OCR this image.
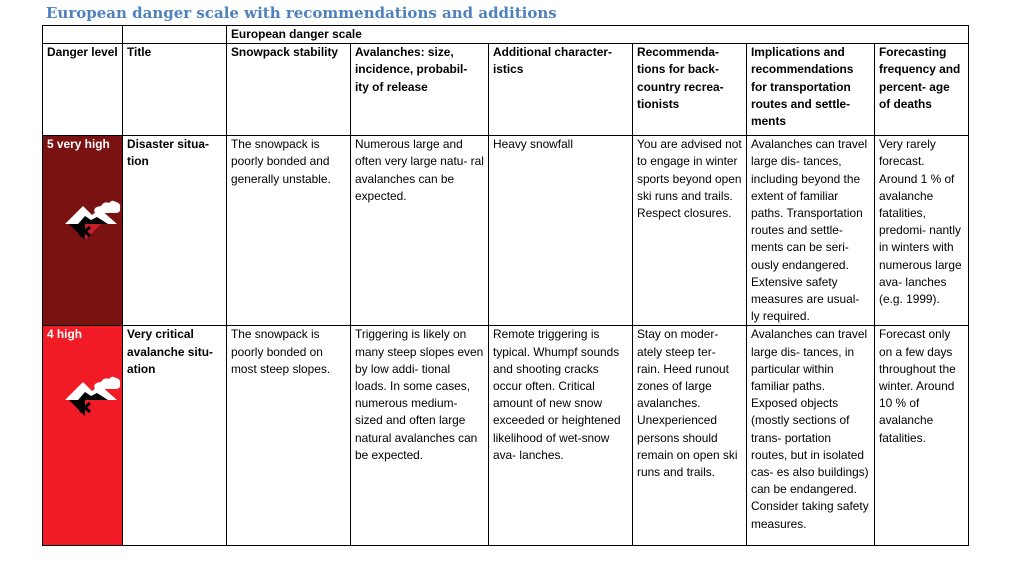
European danger scale with recommendations and additions
		European danger scale					
Danger level	Title	Snowpack stability	Avalanches: size, incidence, probabil- ity of release	Additional character- istics	Recommenda- tions for back- country recrea- tionists	Implications and recommendations for transportation routes and settle- ments	Forecasting frequency and percent- age of deaths
5 very high	Disaster situa- tion	The snowpack is poorly bonded and generally unstable.	Numerous large and often very large natu- ral avalanches can be expected.	Heavy snowfall	You are advised not to engage in winter sports beyond open ski runs and trails. Respect closures.	Avalanches can travel large dis- tances, including beyond the extent of familiar paths. Transportation routes and settle- ments can be seri- ously endangered. Extensive safety measures are usual- ly required.	Very rarely forecast. Around 1 % of avalanche fatalities, predomi- nantly in winters with numerous large ava- lanches (e.g. 1999).
4 high	Very critical avalanche situ- ation	The snowpack is poorly bonded on most steep slopes.	Triggering is likely on many steep slopes even by low addi- tional loads. In some cases, numerous medium-sized and often large natural avalanches can be expected.	Remote triggering is typical. Whumpf sounds and shooting cracks occur often. Critical amount of new snow exceeded or heightened likelihood of wet-snow ava- lanches.	Stay on moder- ately steep ter- rain. Heed runout zones of large avalanches. Unexperienced persons should remain on open ski runs and trails.	Avalanches can travel large dis- tances, in particular within familiar paths. Exposed objects (mostly sections of trans- portation routes, but in isolated cas- es also buildings) can be endangered. Consider taking safety measures.	Forecast only on a few days throughout the winter. Around 10 % of avalanche fatalities.
